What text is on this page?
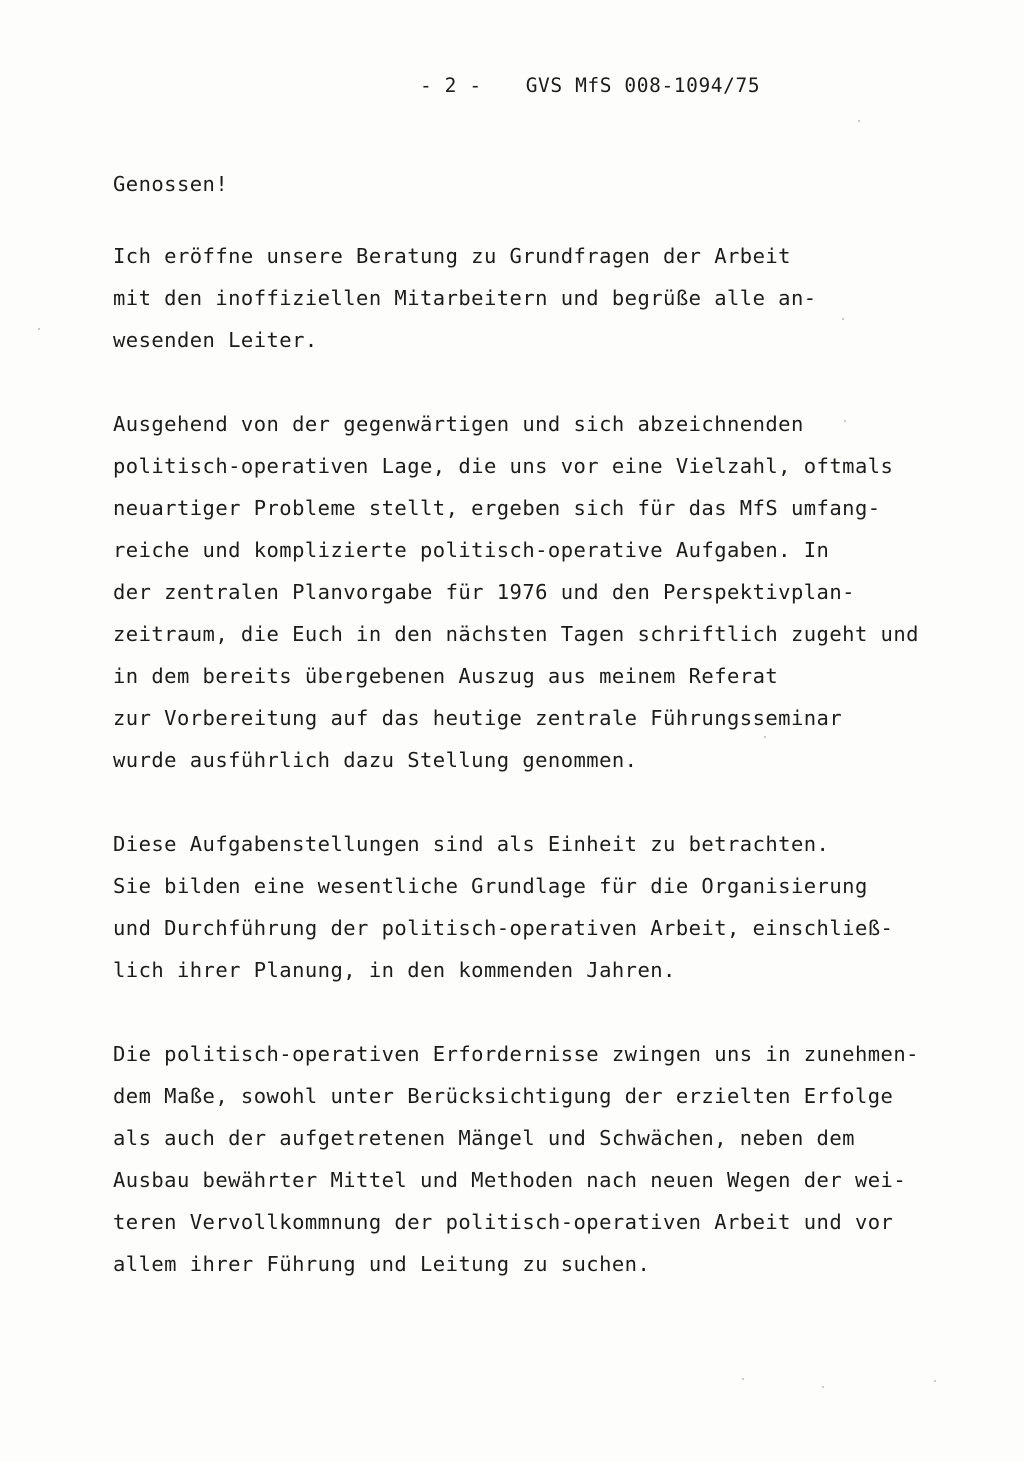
- 2 - GVS MfS 008-1094/75
Genossen!
Ich eröffne unsere Beratung zu Grundfragen der Arbeit
mit den inoffiziellen Mitarbeitern und begrüße alle an-
wesenden Leiter.
Ausgehend von der gegenwärtigen und sich abzeichnenden
politisch-operativen Lage, die uns vor eine Vielzahl, oftmals
neuartiger Probleme stellt, ergeben sich für das MfS umfang-
reiche und komplizierte politisch-operative Aufgaben. In
der zentralen Planvorgabe für 1976 und den Perspektivplan-
zeitraum, die Euch in den nächsten Tagen schriftlich zugeht und
in dem bereits übergebenen Auszug aus meinem Referat
zur Vorbereitung auf das heutige zentrale Führungsseminar
wurde ausführlich dazu Stellung genommen.
Diese Aufgabenstellungen sind als Einheit zu betrachten.
Sie bilden eine wesentliche Grundlage für die Organisierung
und Durchführung der politisch-operativen Arbeit, einschließ-
lich ihrer Planung, in den kommenden Jahren.
Die politisch-operativen Erfordernisse zwingen uns in zunehmen-
dem Maße, sowohl unter Berücksichtigung der erzielten Erfolge
als auch der aufgetretenen Mängel und Schwächen, neben dem
Ausbau bewährter Mittel und Methoden nach neuen Wegen der wei-
teren Vervollkommnung der politisch-operativen Arbeit und vor
allem ihrer Führung und Leitung zu suchen.
